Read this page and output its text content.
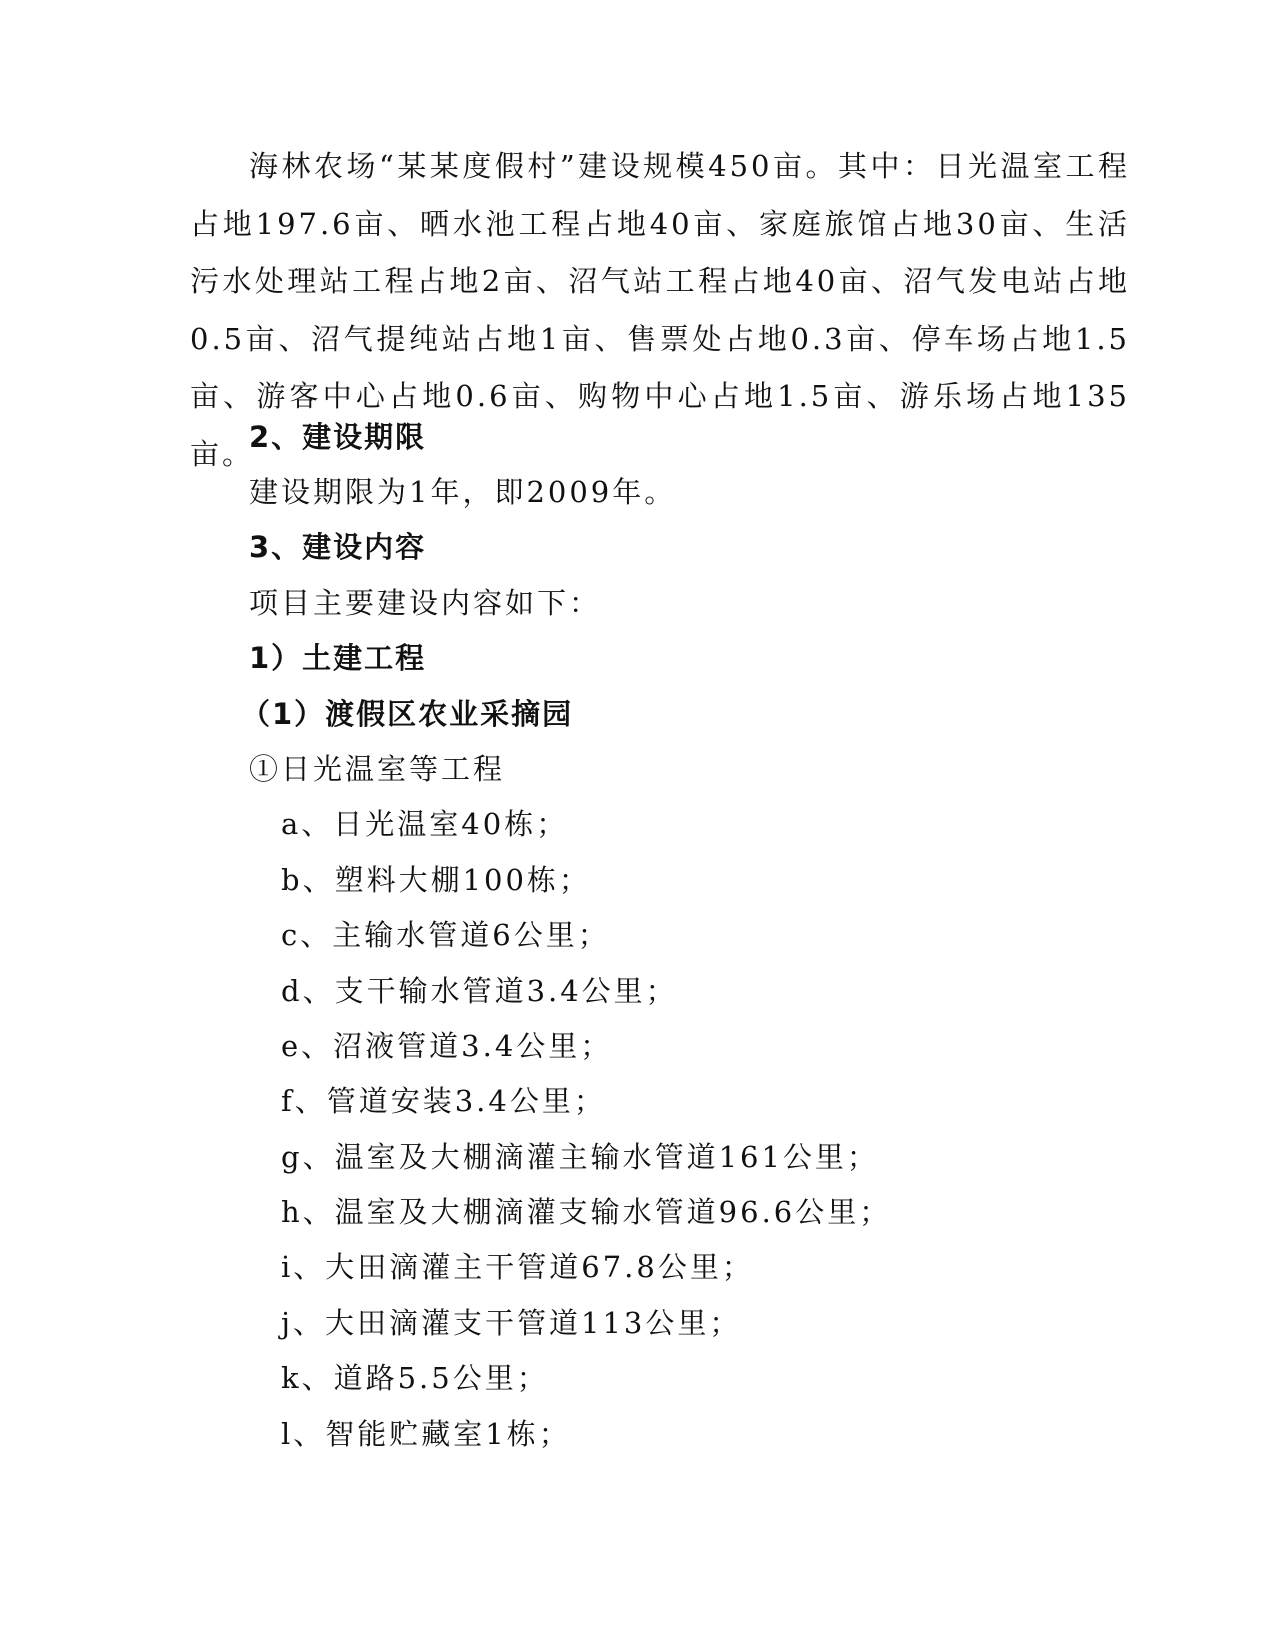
海林农场“某某度假村”建设规模450亩。其中：日光温室工程占地197.6亩、晒水池工程占地40亩、家庭旅馆占地30亩、生活污水处理站工程占地2亩、沼气站工程占地40亩、沼气发电站占地0.5亩、沼气提纯站占地1亩、售票处占地0.3亩、停车场占地1.5亩、游客中心占地0.6亩、购物中心占地1.5亩、游乐场占地135亩。

2、建设期限
建设期限为1年，即2009年。
3、建设内容
项目主要建设内容如下：
1）土建工程
（1）渡假区农业采摘园
①日光温室等工程
a、日光温室40栋；
b、塑料大棚100栋；
c、主输水管道6公里；
d、支干输水管道3.4公里；
e、沼液管道3.4公里；
f、管道安装3.4公里；
g、温室及大棚滴灌主输水管道161公里；
h、温室及大棚滴灌支输水管道96.6公里；
i、大田滴灌主干管道67.8公里；
j、大田滴灌支干管道113公里；
k、道路5.5公里；
l、智能贮藏室1栋；
